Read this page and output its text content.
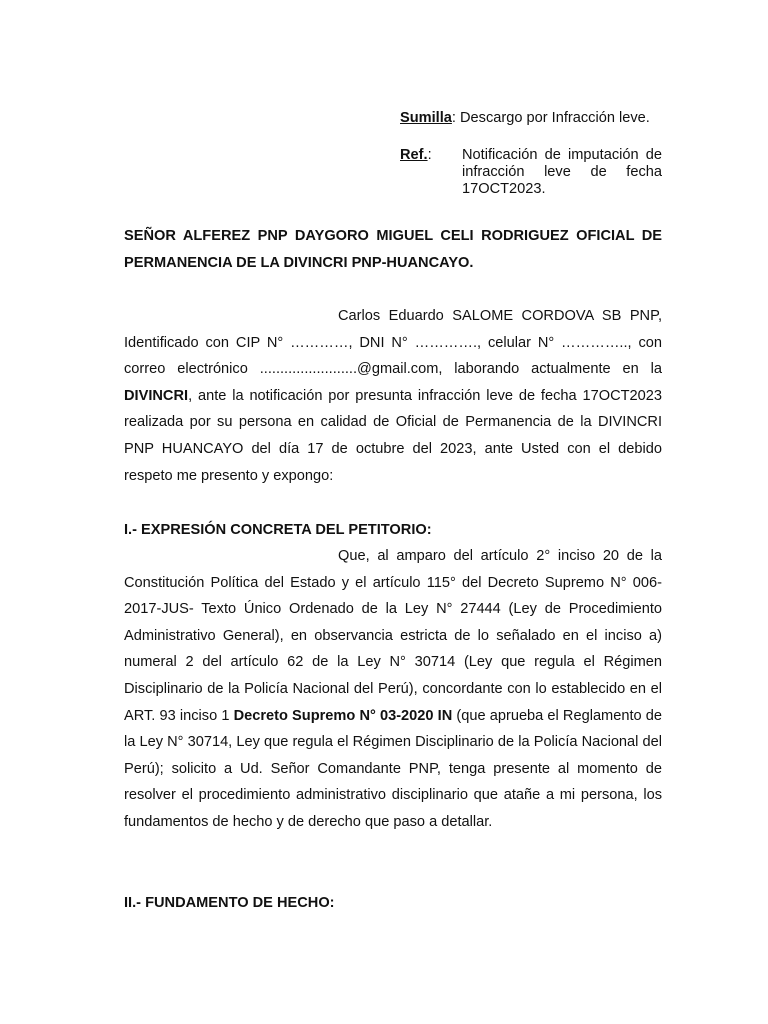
Sumilla : Descargo por Infracción leve.
Ref.:	Notificación de imputación de infracción leve de fecha 17OCT2023.
SEÑOR ALFEREZ PNP DAYGORO MIGUEL CELI RODRIGUEZ OFICIAL DE PERMANENCIA DE LA DIVINCRI PNP-HUANCAYO.
Carlos Eduardo SALOME CORDOVA SB PNP, Identificado con CIP N° …………, DNI N° …………., celular N° ………….., con correo electrónico ........................@gmail.com, laborando actualmente en la DIVINCRI, ante la notificación por presunta infracción leve de fecha 17OCT2023 realizada por su persona en calidad de Oficial de Permanencia de la DIVINCRI PNP HUANCAYO del día 17 de octubre del 2023, ante Usted con el debido respeto me presento y expongo:
I.- EXPRESIÓN CONCRETA DEL PETITORIO:
Que, al amparo del artículo 2° inciso 20 de la Constitución Política del Estado y el artículo 115° del Decreto Supremo N° 006-2017-JUS- Texto Único Ordenado de la Ley N° 27444 (Ley de Procedimiento Administrativo General), en observancia estricta de lo señalado en el inciso a) numeral 2 del artículo 62 de la Ley N° 30714 (Ley que regula el Régimen Disciplinario de la Policía Nacional del Perú), concordante con lo establecido en el ART. 93 inciso 1 Decreto Supremo N° 03-2020 IN (que aprueba el Reglamento de la Ley N° 30714, Ley que regula el Régimen Disciplinario de la Policía Nacional del Perú); solicito a Ud. Señor Comandante PNP, tenga presente al momento de resolver el procedimiento administrativo disciplinario que atañe a mi persona, los fundamentos de hecho y de derecho que paso a detallar.
II.- FUNDAMENTO DE HECHO:
